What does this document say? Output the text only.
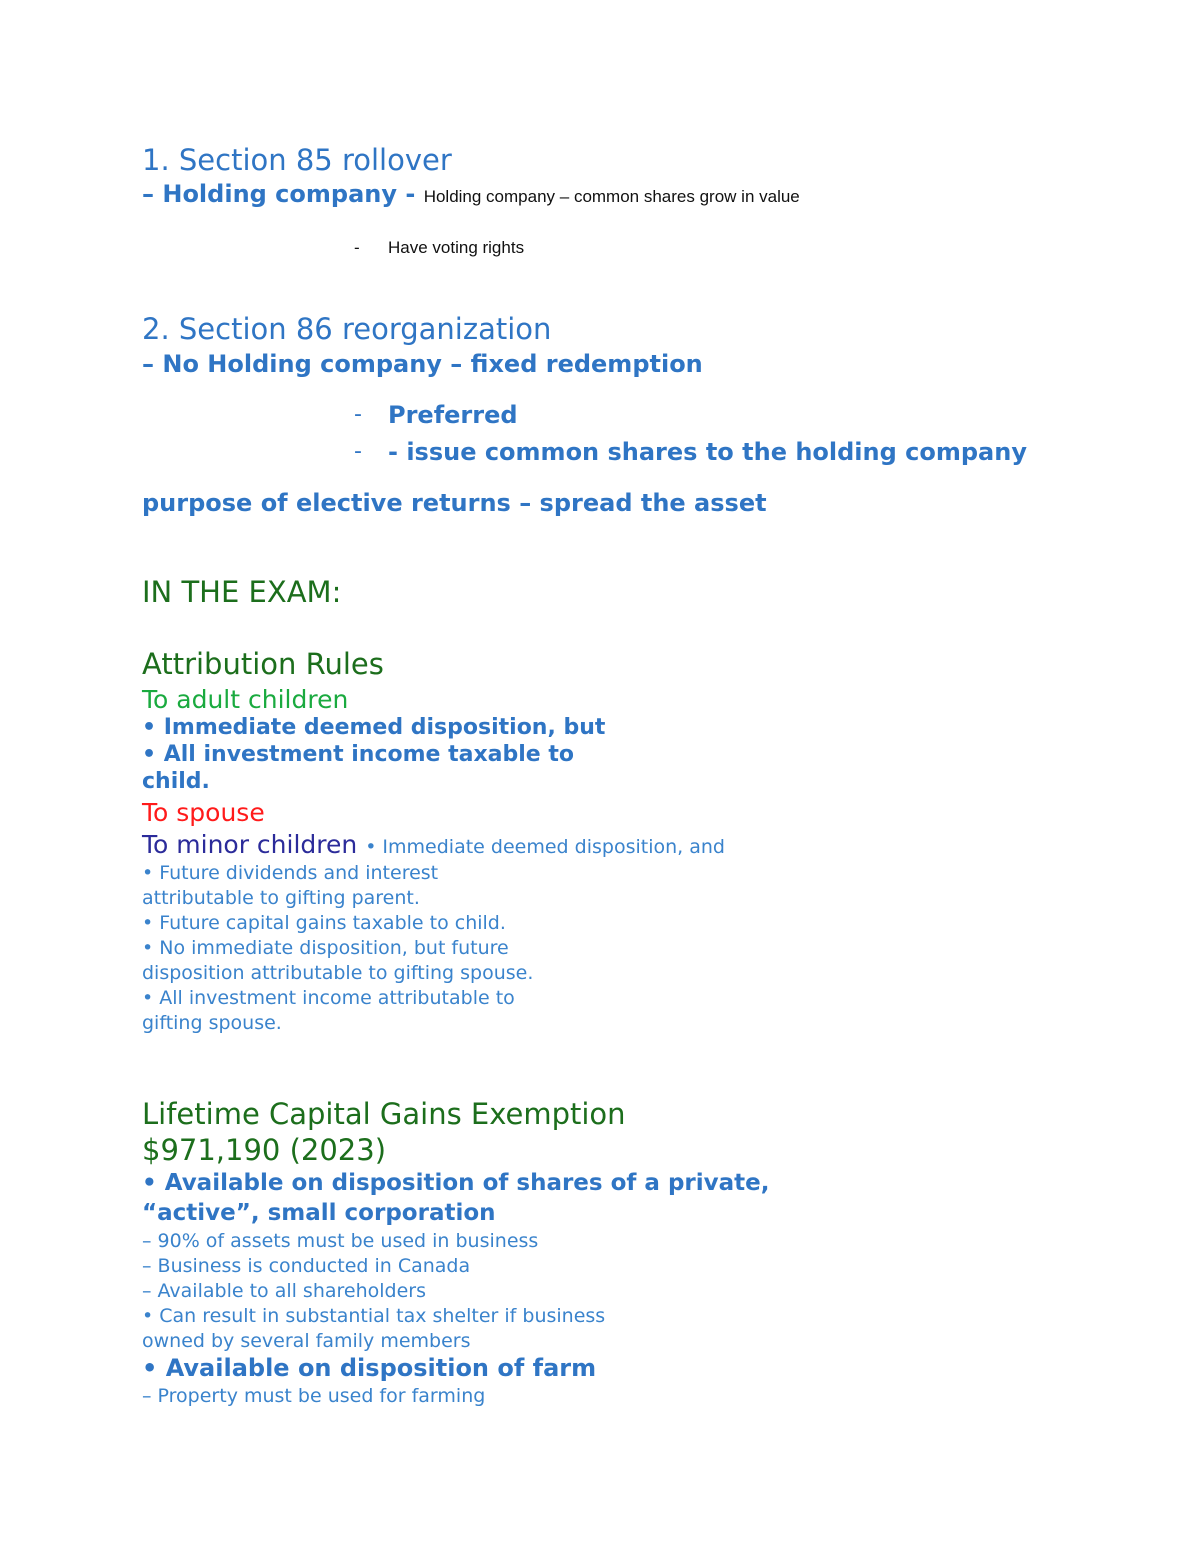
1. Section 85 rollover
– Holding company - Holding company – common shares grow in value
- Have voting rights
2. Section 86 reorganization
– No Holding company – fixed redemption
- Preferred
- - issue common shares to the holding company
purpose of elective returns – spread the asset
IN THE EXAM:
Attribution Rules
To adult children
• Immediate deemed disposition, but
• All investment income taxable to
child.
To spouse
To minor children • Immediate deemed disposition, and
• Future dividends and interest
attributable to gifting parent.
• Future capital gains taxable to child.
• No immediate disposition, but future
disposition attributable to gifting spouse.
• All investment income attributable to
gifting spouse.
Lifetime Capital Gains Exemption
$971,190 (2023)
• Available on disposition of shares of a private,
“active”, small corporation
– 90% of assets must be used in business
– Business is conducted in Canada
– Available to all shareholders
• Can result in substantial tax shelter if business
owned by several family members
• Available on disposition of farm
– Property must be used for farming
